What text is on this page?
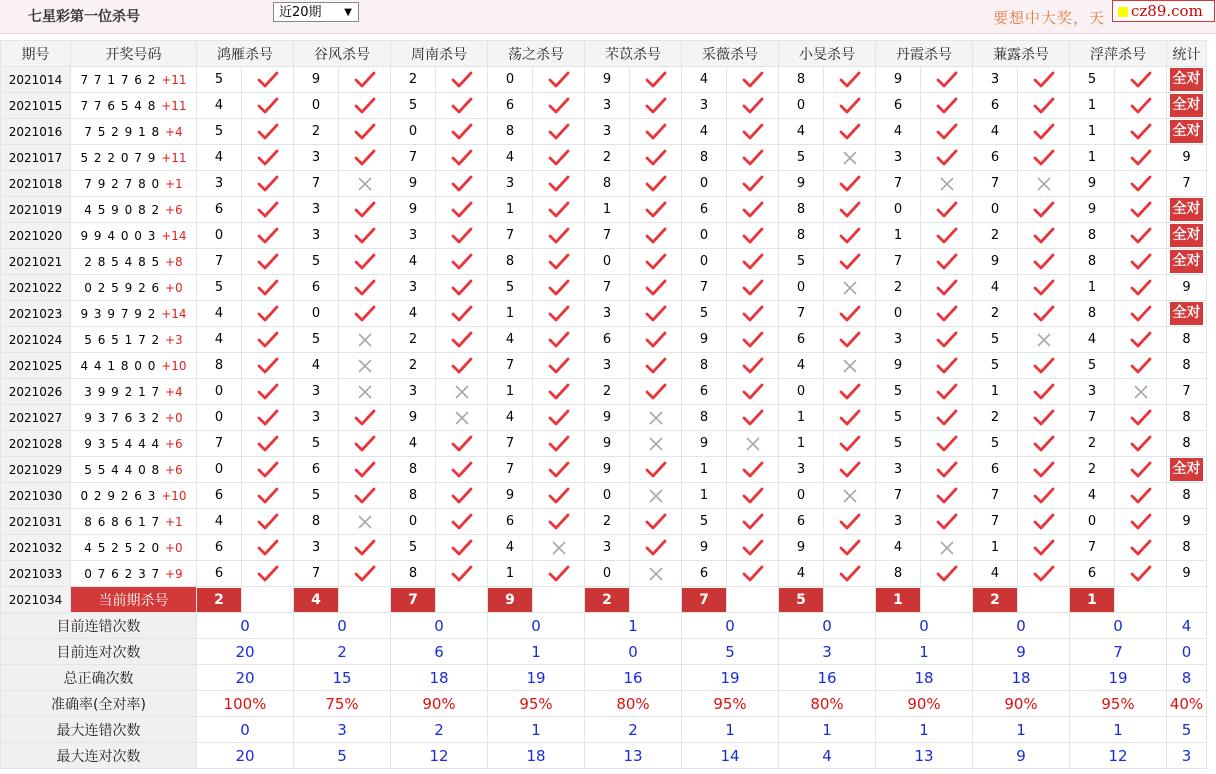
七星彩第一位杀号	近20期 ▼	要想中大奖，天 cz89.com
期号	开奖号码	鸿雁杀号		谷风杀号		周南杀号		荡之杀号		芣苡杀号		采薇杀号		小旻杀号		丹霞杀号		蒹露杀号		浮萍杀号		统计
2021014	7 7 1 7 6 2 +11	5		9		2		0		9		4		8		9		3		5		全对
2021015	7 7 6 5 4 8 +11	4		0		5		6		3		3		0		6		6		1		全对
2021016	7 5 2 9 1 8 +4	5		2		0		8		3		4		4		4		4		1		全对
2021017	5 2 2 0 7 9 +11	4		3		7		4		2		8		5		3		6		1		9
2021018	7 9 2 7 8 0 +1	3		7		9		3		8		0		9		7		7		9		7
2021019	4 5 9 0 8 2 +6	6		3		9		1		1		6		8		0		0		9		全对
2021020	9 9 4 0 0 3 +14	0		3		3		7		7		0		8		1		2		8		全对
2021021	2 8 5 4 8 5 +8	7		5		4		8		0		0		5		7		9		8		全对
2021022	0 2 5 9 2 6 +0	5		6		3		5		7		7		0		2		4		1		9
2021023	9 3 9 7 9 2 +14	4		0		4		1		3		5		7		0		2		8		全对
2021024	5 6 5 1 7 2 +3	4		5		2		4		6		9		6		3		5		4		8
2021025	4 4 1 8 0 0 +10	8		4		2		7		3		8		4		9		5		5		8
2021026	3 9 9 2 1 7 +4	0		3		3		1		2		6		0		5		1		3		7
2021027	9 3 7 6 3 2 +0	0		3		9		4		9		8		1		5		2		7		8
2021028	9 3 5 4 4 4 +6	7		5		4		7		9		9		1		5		5		2		8
2021029	5 5 4 4 0 8 +6	0		6		8		7		9		1		3		3		6		2		全对
2021030	0 2 9 2 6 3 +10	6		5		8		9		0		1		0		7		7		4		8
2021031	8 6 8 6 1 7 +1	4		8		0		6		2		5		6		3		7		0		9
2021032	4 5 2 5 2 0 +0	6		3		5		4		3		9		9		4		1		7		8
2021033	0 7 6 2 3 7 +9	6		7		8		1		0		6		4		8		4		6		9
2021034	当前期杀号	2		4		7		9		2		7		5		1		2		1		

目前连错次数		0		0		0		0		1		0		0		0		0		0		4
目前连对次数		20		2		6		1		0		5		3		1		9		7		0
总正确次数		20		15		18		19		16		19		16		18		18		19		8
准确率(全对率)		100%		75%		90%		95%		80%		95%		80%		90%		90%		95%		40%
最大连错次数		0		3		2		1		2		1		1		1		1		1		5
最大连对次数		20		5		12		18		13		14		4		13		9		12		3
